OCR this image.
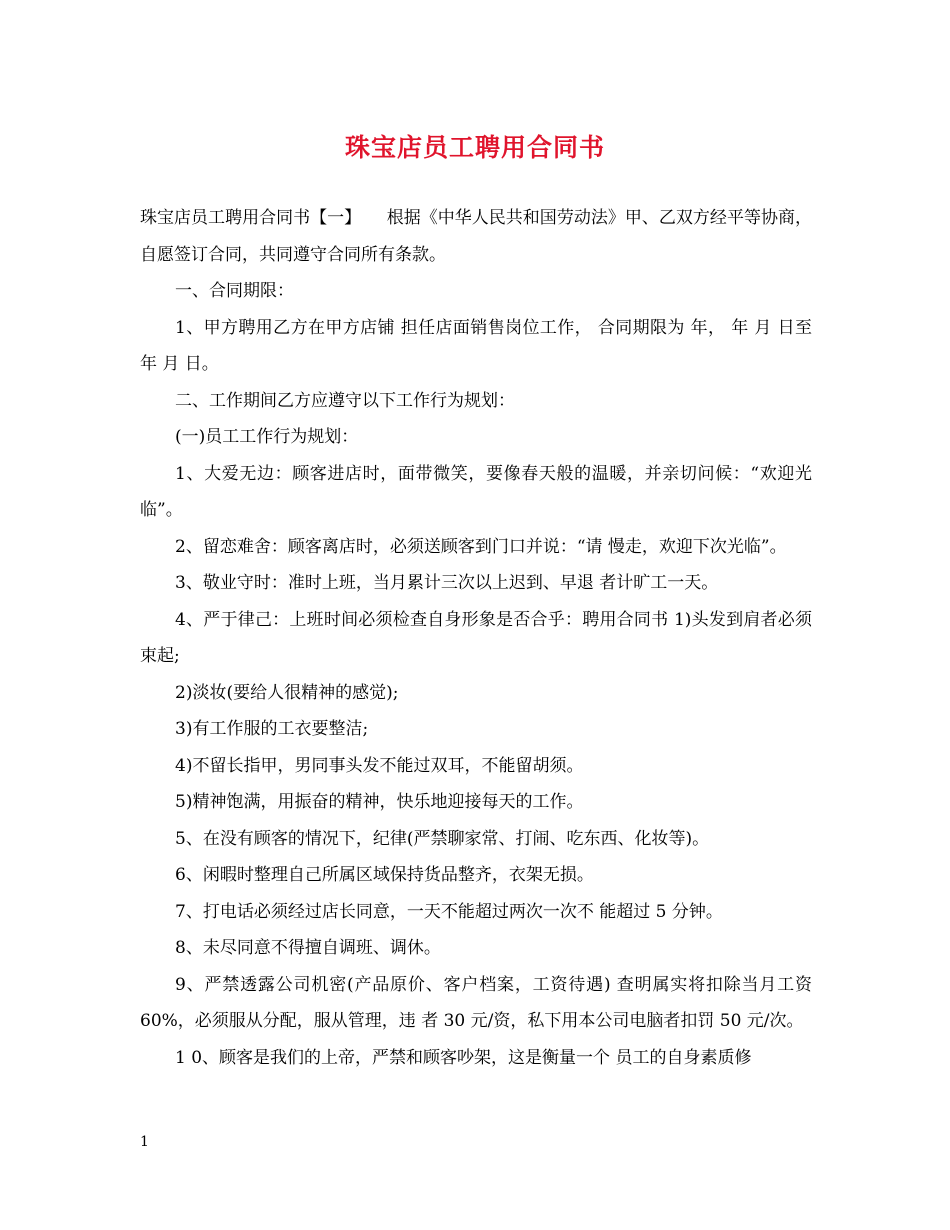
珠宝店员工聘用合同书

珠宝店员工聘用合同书【一】　　根据《中华人民共和国劳动法》甲、乙双方经平等协商，自愿签订合同，共同遵守合同所有条款。

一、合同期限：

1、甲方聘用乙方在甲方店铺 担任店面销售岗位工作， 合同期限为 年， 年 月 日至 年 月 日。

二、工作期间乙方应遵守以下工作行为规划：

(一)员工工作行为规划：

1、大爱无边：顾客进店时，面带微笑，要像春天般的温暖，并亲切问候：“欢迎光临”。

2、留恋难舍：顾客离店时，必须送顾客到门口并说：“请 慢走，欢迎下次光临”。

3、敬业守时：准时上班，当月累计三次以上迟到、早退 者计旷工一天。

4、严于律己：上班时间必须检查自身形象是否合乎：聘用合同书 1)头发到肩者必须束起;

2)淡妆(要给人很精神的感觉);

3)有工作服的工衣要整洁;

4)不留长指甲，男同事头发不能过双耳，不能留胡须。

5)精神饱满，用振奋的精神，快乐地迎接每天的工作。

5、在没有顾客的情况下，纪律(严禁聊家常、打闹、吃东西、化妆等)。

6、闲暇时整理自己所属区域保持货品整齐，衣架无损。

7、打电话必须经过店长同意，一天不能超过两次一次不 能超过 5 分钟。

8、未尽同意不得擅自调班、调休。

9、严禁透露公司机密(产品原价、客户档案，工资待遇) 查明属实将扣除当月工资 60%，必须服从分配，服从管理，违 者 30 元/资，私下用本公司电脑者扣罚 50 元/次。

1 0、顾客是我们的上帝，严禁和顾客吵架，这是衡量一个 员工的自身素质修

1
